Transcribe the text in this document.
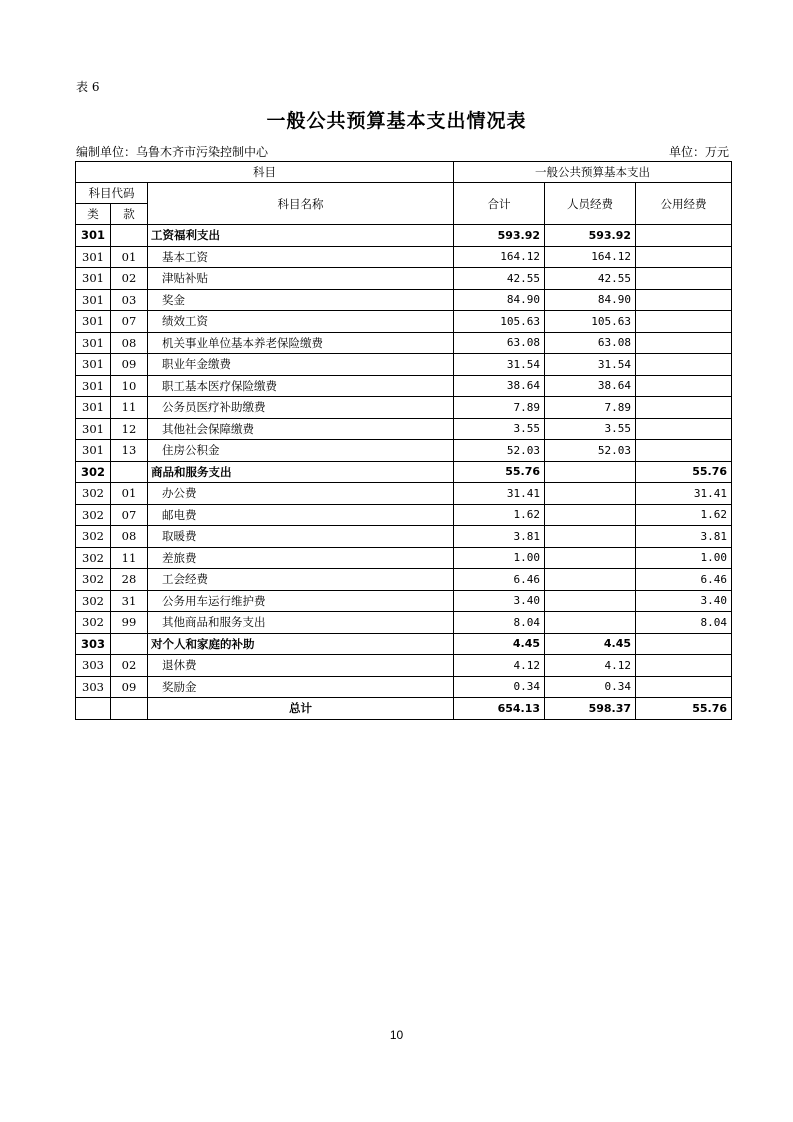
表 6
一般公共预算基本支出情况表
编制单位：乌鲁木齐市污染控制中心	单位：万元
科目			一般公共预算基本支出		
科目代码		科目名称	合计	人员经费	公用经费
类	款				
301		工资福利支出	593.92	593.92	
301	01	基本工资	164.12	164.12	
301	02	津贴补贴	42.55	42.55	
301	03	奖金	84.90	84.90	
301	07	绩效工资	105.63	105.63	
301	08	机关事业单位基本养老保险缴费	63.08	63.08	
301	09	职业年金缴费	31.54	31.54	
301	10	职工基本医疗保险缴费	38.64	38.64	
301	11	公务员医疗补助缴费	7.89	7.89	
301	12	其他社会保障缴费	3.55	3.55	
301	13	住房公积金	52.03	52.03	
302		商品和服务支出	55.76		55.76
302	01	办公费	31.41		31.41
302	07	邮电费	1.62		1.62
302	08	取暖费	3.81		3.81
302	11	差旅费	1.00		1.00
302	28	工会经费	6.46		6.46
302	31	公务用车运行维护费	3.40		3.40
302	99	其他商品和服务支出	8.04		8.04
303		对个人和家庭的补助	4.45	4.45	
303	02	退休费	4.12	4.12	
303	09	奖励金	0.34	0.34	
		总计	654.13	598.37	55.76
10
